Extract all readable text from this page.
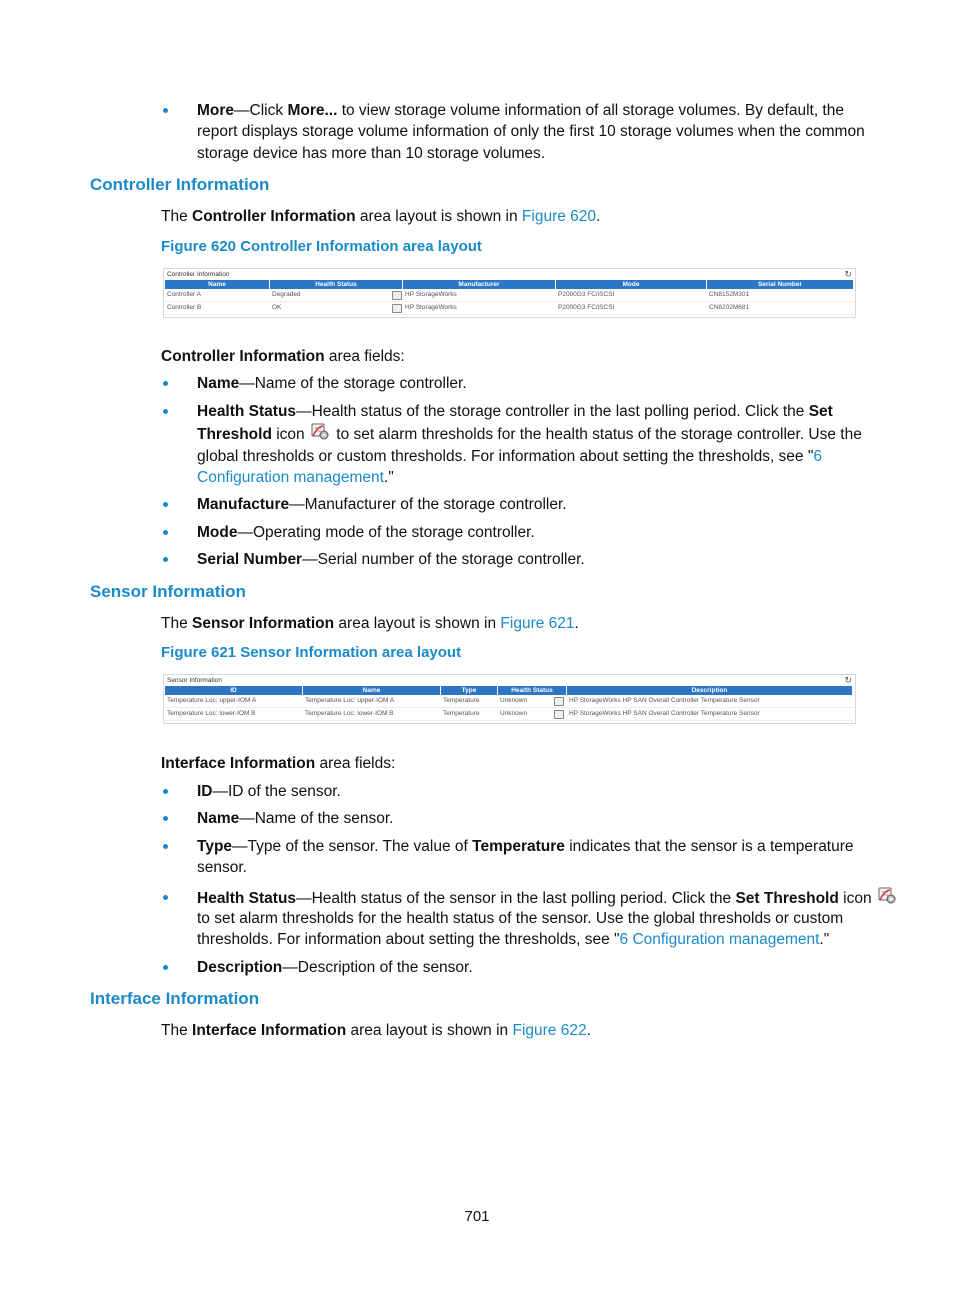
More—Click More... to view storage volume information of all storage volumes. By default, the
report displays storage volume information of only the first 10 storage volumes when the common
storage device has more than 10 storage volumes.
Controller Information
The Controller Information area layout is shown in Figure 620.
Figure 620 Controller Information area layout
Controller Information	↻
Name	Health Status	Manufacturer	Mode	Serial Number
Controller A	Degraded	HP StorageWorks	P2000G3 FC/iSCSI	CN8152M301
Controller B	OK	HP StorageWorks	P2000G3 FC/iSCSI	CN8202M681
Controller Information area fields:
Name—Name of the storage controller.
Health Status—Health status of the storage controller in the last polling period. Click the Set
Threshold icon  to set alarm thresholds for the health status of the storage controller. Use the
global thresholds or custom thresholds. For information about setting the thresholds, see "6
Configuration management."
Manufacture—Manufacturer of the storage controller.
Mode—Operating mode of the storage controller.
Serial Number—Serial number of the storage controller.
Sensor Information
The Sensor Information area layout is shown in Figure 621.
Figure 621 Sensor Information area layout
Sensor Information	↻
ID	Name	Type	Health Status	Description
Temperature Loc: upper-IOM A	Temperature Loc: upper-IOM A	Temperature	Unknown	HP StorageWorks HP SAN Overall Controller Temperature Sensor
Temperature Loc: lower-IOM B	Temperature Loc: lower-IOM B	Temperature	Unknown	HP StorageWorks HP SAN Overall Controller Temperature Sensor
Interface Information area fields:
ID—ID of the sensor.
Name—Name of the sensor.
Type—Type of the sensor. The value of Temperature indicates that the sensor is a temperature
sensor.
Health Status—Health status of the sensor in the last polling period. Click the Set Threshold icon
to set alarm thresholds for the health status of the sensor. Use the global thresholds or custom
thresholds. For information about setting the thresholds, see "6 Configuration management."
Description—Description of the sensor.
Interface Information
The Interface Information area layout is shown in Figure 622.
701
